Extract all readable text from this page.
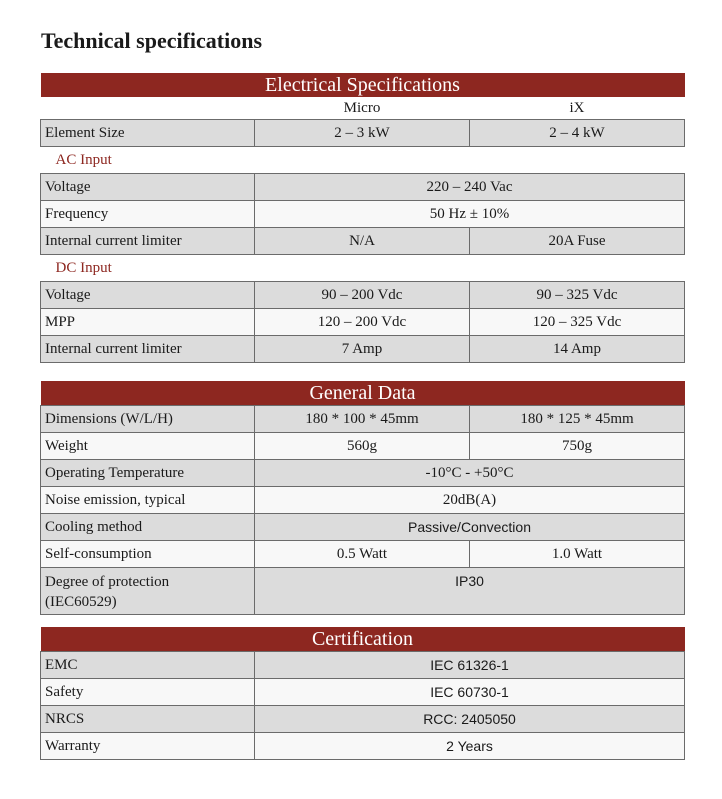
Technical specifications
Electrical Specifications		
	Micro	iX
Element Size	2 – 3 kW	2 – 4 kW
AC Input		
Voltage	220 – 240 Vac	
Frequency	50 Hz ± 10%	
Internal current limiter	N/A	20A Fuse
DC Input		
Voltage	90 – 200 Vdc	90 – 325 Vdc
MPP	120 – 200 Vdc	120 – 325 Vdc
Internal current limiter	7 Amp	14 Amp
General Data		
Dimensions (W/L/H)	180 * 100 * 45mm	180 * 125 * 45mm
Weight	560g	750g
Operating Temperature	-10°C - +50°C	
Noise emission, typical	20dB(A)	
Cooling method	Passive/Convection	
Self-consumption	0.5 Watt	1.0 Watt
Degree of protection
(IEC60529)	IP30	
Certification	
EMC	IEC 61326-1
Safety	IEC 60730-1
NRCS	RCC: 2405050
Warranty	2 Years
